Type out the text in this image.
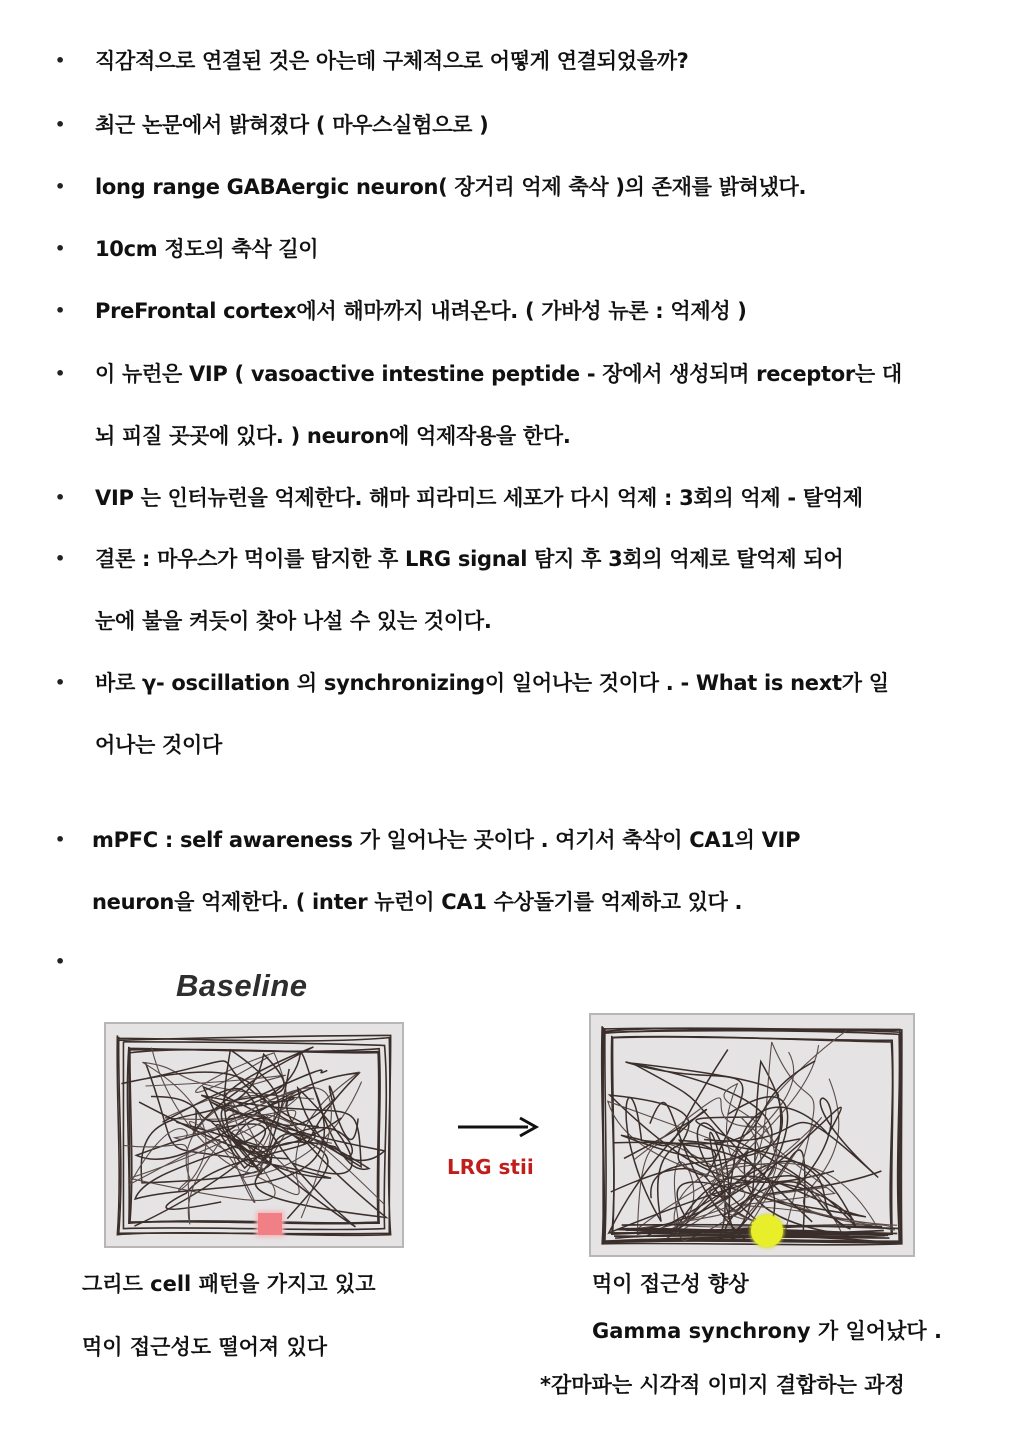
• 직감적으로 연결된 것은 아는데 구체적으로 어떻게 연결되었을까?
• 최근 논문에서 밝혀졌다 ( 마우스실험으로 )
• long range GABAergic neuron( 장거리 억제 축삭 )의 존재를 밝혀냈다.
• 10cm 정도의 축삭 길이
• PreFrontal cortex에서 해마까지 내려온다. ( 가바성 뉴론 : 억제성 )
• 이 뉴런은 VIP ( vasoactive intestine peptide - 장에서 생성되며 receptor는 대
뇌 피질 곳곳에 있다. ) neuron에 억제작용을 한다.
• VIP 는 인터뉴런을 억제한다. 해마 피라미드 세포가 다시 억제 : 3회의 억제 - 탈억제
• 결론 : 마우스가 먹이를 탐지한 후 LRG signal 탐지 후 3회의 억제로 탈억제 되어
눈에 불을 켜듯이 찾아 나설 수 있는 것이다.
• 바로 γ- oscillation 의 synchronizing이 일어나는 것이다 . - What is next가 일
어나는 것이다
• mPFC : self awareness 가 일어나는 곳이다 . 여기서 축삭이 CA1의 VIP
neuron을 억제한다. ( inter 뉴런이 CA1 수상돌기를 억제하고 있다 .
•
Baseline
LRG stii
그리드 cell 패턴을 가지고 있고
먹이 접근성도 떨어져 있다
먹이 접근성 향상
Gamma synchrony 가 일어났다 .
*감마파는 시각적 이미지 결합하는 과정
